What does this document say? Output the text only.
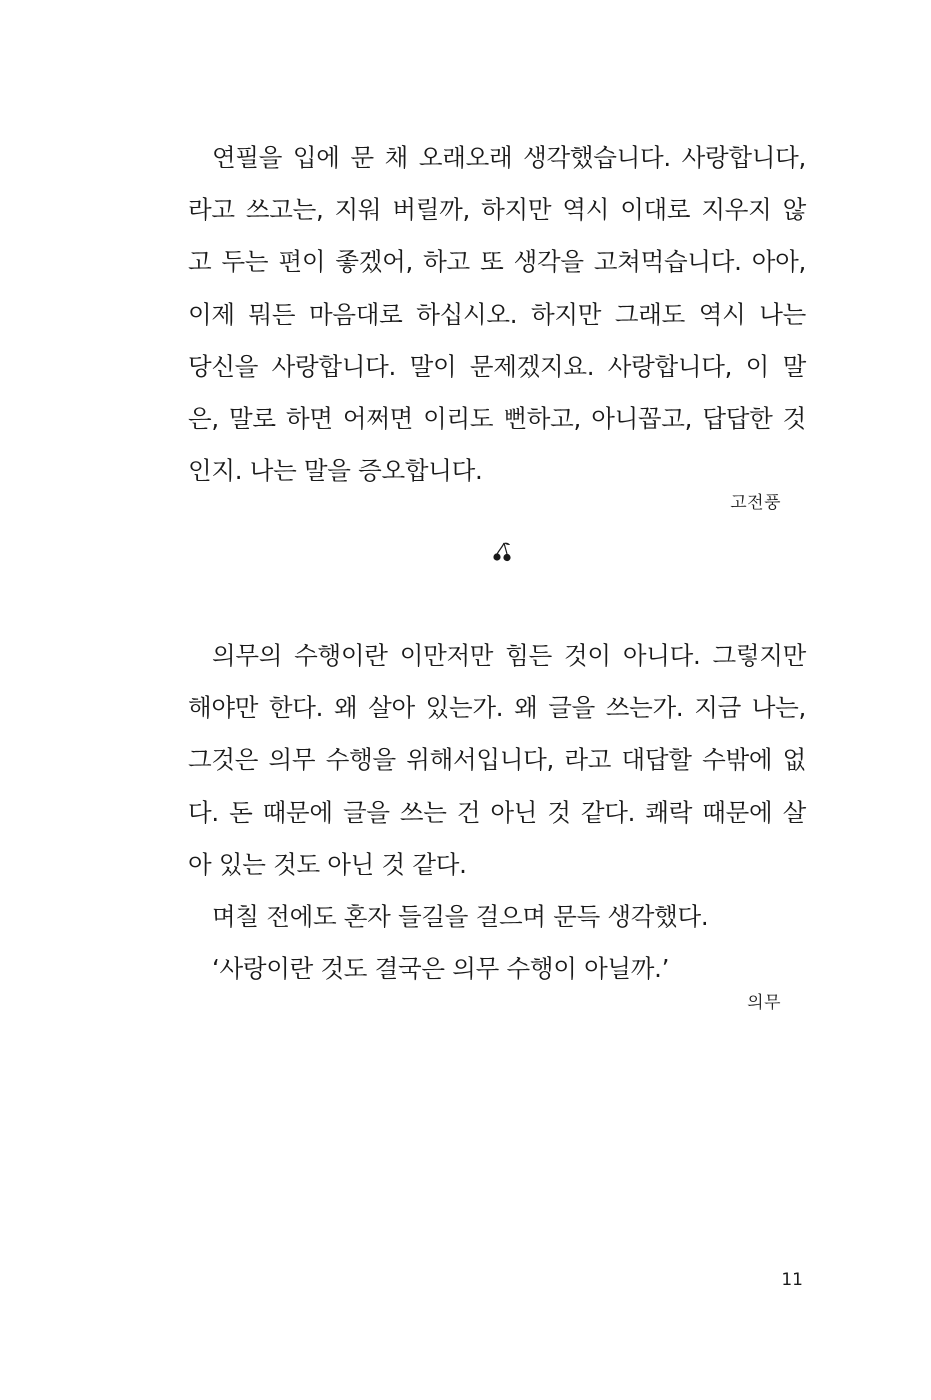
연필을 입에 문 채 오래오래 생각했습니다. 사랑합니다,
라고 쓰고는, 지워 버릴까, 하지만 역시 이대로 지우지 않
고 두는 편이 좋겠어, 하고 또 생각을 고쳐먹습니다. 아아,
이제 뭐든 마음대로 하십시오. 하지만 그래도 역시 나는
당신을 사랑합니다. 말이 문제겠지요. 사랑합니다, 이 말
은, 말로 하면 어쩌면 이리도 뻔하고, 아니꼽고, 답답한 것
인지. 나는 말을 증오합니다.
고전풍
의무의 수행이란 이만저만 힘든 것이 아니다. 그렇지만
해야만 한다. 왜 살아 있는가. 왜 글을 쓰는가. 지금 나는,
그것은 의무 수행을 위해서입니다, 라고 대답할 수밖에 없
다. 돈 때문에 글을 쓰는 건 아닌 것 같다. 쾌락 때문에 살
아 있는 것도 아닌 것 같다.
며칠 전에도 혼자 들길을 걸으며 문득 생각했다.
‘사랑이란 것도 결국은 의무 수행이 아닐까.’
의무
11
